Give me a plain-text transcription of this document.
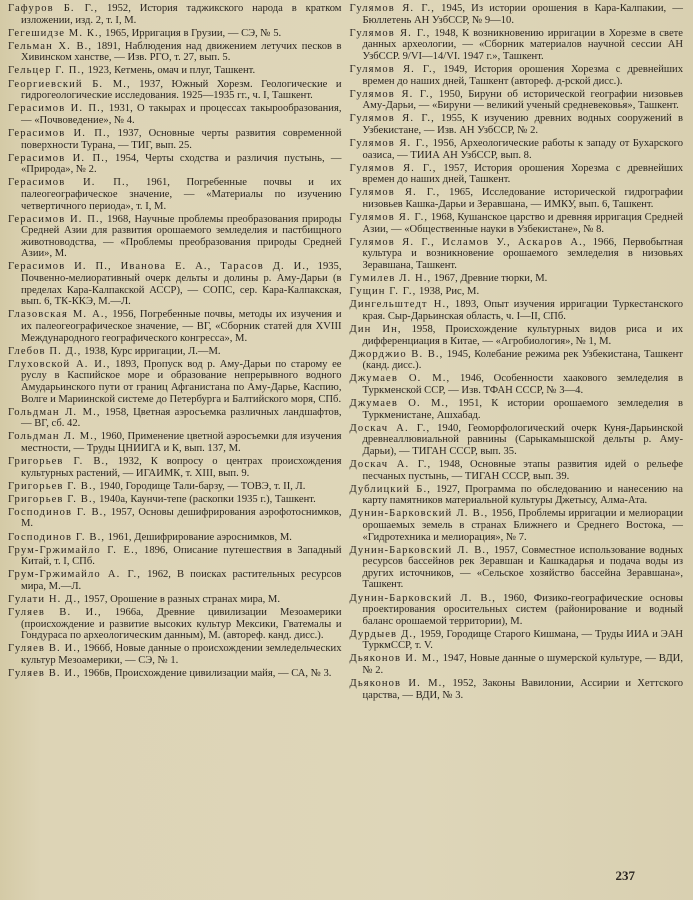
Гафуров Б. Г., 1952, История таджикского народа в кратком изложении, изд. 2, т. I, М.

Гегешидзе М. К., 1965, Ирригация в Грузии, — СЭ, № 5.

Гельман Х. В., 1891, Наблюдения над движением летучих песков в Хивинском ханстве, — Изв. РГО, т. 27, вып. 5.

Гельцер Г. П., 1923, Кетмень, омач и плуг, Ташкент.

Георгиевский Б. М., 1937, Южный Хорезм. Геологические и гидрогеологические исследования. 1925—1935 гг., ч. I, Ташкент.

Герасимов И. П., 1931, О такырах и процессах такырообразования, — «Почвоведение», № 4.

Герасимов И. П., 1937, Основные черты развития современной поверхности Турана, — ТИГ, вып. 25.

Герасимов И. П., 1954, Черты сходства и различия пустынь, — «Природа», № 2.

Герасимов И. П., 1961, Погребенные почвы и их палеогеографическое значение, — «Материалы по изучению четвертичного периода», т. I, М.

Герасимов И. П., 1968, Научные проблемы преобразования природы Средней Азии для развития орошаемого земледелия и пастбищного животноводства, — «Проблемы преобразования природы Средней Азии», М.

Герасимов И. П., Иванова Е. А., Тарасов Д. И., 1935, Почвенно-мелиоративный очерк дельты и долины р. Аму-Дарьи (в пределах Кара-Калпакской АССР), — СОПС, сер. Кара-Калпакская, вып. 6, ТК-ККЭ, М.—Л.

Глазовская М. А., 1956, Погребенные почвы, методы их изучения и их палеогеографическое значение, — ВГ, «Сборник статей для XVIII Международного географического конгресса», М.

Глебов П. Д., 1938, Курс ирригации, Л.—М.

Глуховской А. И., 1893, Пропуск вод р. Аму-Дарьи по старому ее руслу в Каспийское море и образование непрерывного водного Амударьинского пути от границ Афганистана по Аму-Дарье, Каспию, Волге и Мариинской системе до Петербурга и Балтийского моря, СПб.

Гольдман Л. М., 1958, Цветная аэросъемка различных ландшафтов, — ВГ, сб. 42.

Гольдман Л. М., 1960, Применение цветной аэросъемки для изучения местности, — Труды ЦНИИГА и К, вып. 137, М.

Григорьев Г. В., 1932, К вопросу о центрах происхождения культурных растений, — ИГАИМК, т. XIII, вып. 9.

Григорьев Г. В., 1940, Городище Тали-барзу, — ТОВЭ, т. II, Л.

Григорьев Г. В., 1940а, Каунчи-тепе (раскопки 1935 г.), Ташкент.

Господинов Г. В., 1957, Основы дешифрирования аэрофотоснимков, М.

Господинов Г. В., 1961, Дешифрирование аэроснимков, М.

Грум-Гржимайло Г. Е., 1896, Описание путешествия в Западный Китай, т. I, СПб.

Грум-Гржимайло А. Г., 1962, В поисках растительных ресурсов мира, М.—Л.

Гулати Н. Д., 1957, Орошение в разных странах мира, М.

Гуляев В. И., 1966а, Древние цивилизации Мезоамерики (происхождение и развитие высоких культур Мексики, Гватемалы и Гондураса по археологическим данным), М. (автореф. канд. дисс.).

Гуляев В. И., 1966б, Новые данные о происхождении земледельческих культур Мезоамерики, — СЭ, № 1.

Гуляев В. И., 1966в, Происхождение цивилизации майя, — СА, № 3.

Гулямов Я. Г., 1945, Из истории орошения в Кара-Калпакии, — Бюллетень АН УзбССР, № 9—10.

Гулямов Я. Г., 1948, К возникновению ирригации в Хорезме в свете данных археологии, — «Сборник материалов научной сессии АН УзбССР. 9/VI—14/VI. 1947 г.», Ташкент.

Гулямов Я. Г., 1949, История орошения Хорезма с древнейших времен до наших дней, Ташкент (автореф. д-рской дисс.).

Гулямов Я. Г., 1950, Бируни об исторической географии низовьев Аму-Дарьи, — «Бируни — великий ученый средневековья», Ташкент.

Гулямов Я. Г., 1955, К изучению древних водных сооружений в Узбекистане, — Изв. АН УзбССР, № 2.

Гулямов Я. Г., 1956, Археологические работы к западу от Бухарского оазиса, — ТИИА АН УзбССР, вып. 8.

Гулямов Я. Г., 1957, История орошения Хорезма с древнейших времен до наших дней, Ташкент.

Гулямов Я. Г., 1965, Исследование исторической гидрографии низовьев Кашка-Дарьи и Зеравшана, — ИМКУ, вып. 6, Ташкент.

Гулямов Я. Г., 1968, Кушанское царство и древняя ирригация Средней Азии, — «Общественные науки в Узбекистане», № 8.

Гулямов Я. Г., Исламов У., Аскаров А., 1966, Первобытная культура и возникновение орошаемого земледелия в низовьях Зеравшана, Ташкент.

Гумилев Л. Н., 1967, Древние тюрки, М.

Гущин Г. Г., 1938, Рис, М.

Дингельштедт Н., 1893, Опыт изучения ирригации Туркестанского края. Сыр-Дарьинская область, ч. I—II, СПб.

Дин Ин, 1958, Происхождение культурных видов риса и их дифференциация в Китае, — «Агробиология», № 1, М.

Джорджио В. В., 1945, Колебание режима рек Узбекистана, Ташкент (канд. дисс.).

Джумаев О. М., 1946, Особенности хаакового земледелия в Туркменской ССР, — Изв. ТФАН СССР, № 3—4.

Джумаев О. М., 1951, К истории орошаемого земледелия в Туркменистане, Ашхабад.

Доскач А. Г., 1940, Геоморфологический очерк Куня-Дарьинской древнеаллювиальной равнины (Сарыкамышской дельты р. Аму-Дарьи), — ТИГАН СССР, вып. 35.

Доскач А. Г., 1948, Основные этапы развития идей о рельефе песчаных пустынь, — ТИГАН СССР, вып. 39.

Дублицкий Б., 1927, Программа по обследованию и нанесению на карту памятников материальной культуры Джетысу, Алма-Ата.

Дунин-Барковский Л. В., 1956, Проблемы ирригации и мелиорации орошаемых земель в странах Ближнего и Среднего Востока, — «Гидротехника и мелиорация», № 7.

Дунин-Барковский Л. В., 1957, Совместное использование водных ресурсов бассейнов рек Зеравшан и Кашкадарья и подача воды из других источников, — «Сельское хозяйство бассейна Зеравшана», Ташкент.

Дунин-Барковский Л. В., 1960, Физико-географические основы проектирования оросительных систем (районирование и водный баланс орошаемой территории), М.

Дурдыев Д., 1959, Городище Старого Кишмана, — Труды ИИА и ЭАН ТуркмССР, т. V.

Дьяконов И. М., 1947, Новые данные о шумерской культуре, — ВДИ, № 2.

Дьяконов И. М., 1952, Законы Вавилонии, Ассирии и Хеттского царства, — ВДИ, № 3.

237
